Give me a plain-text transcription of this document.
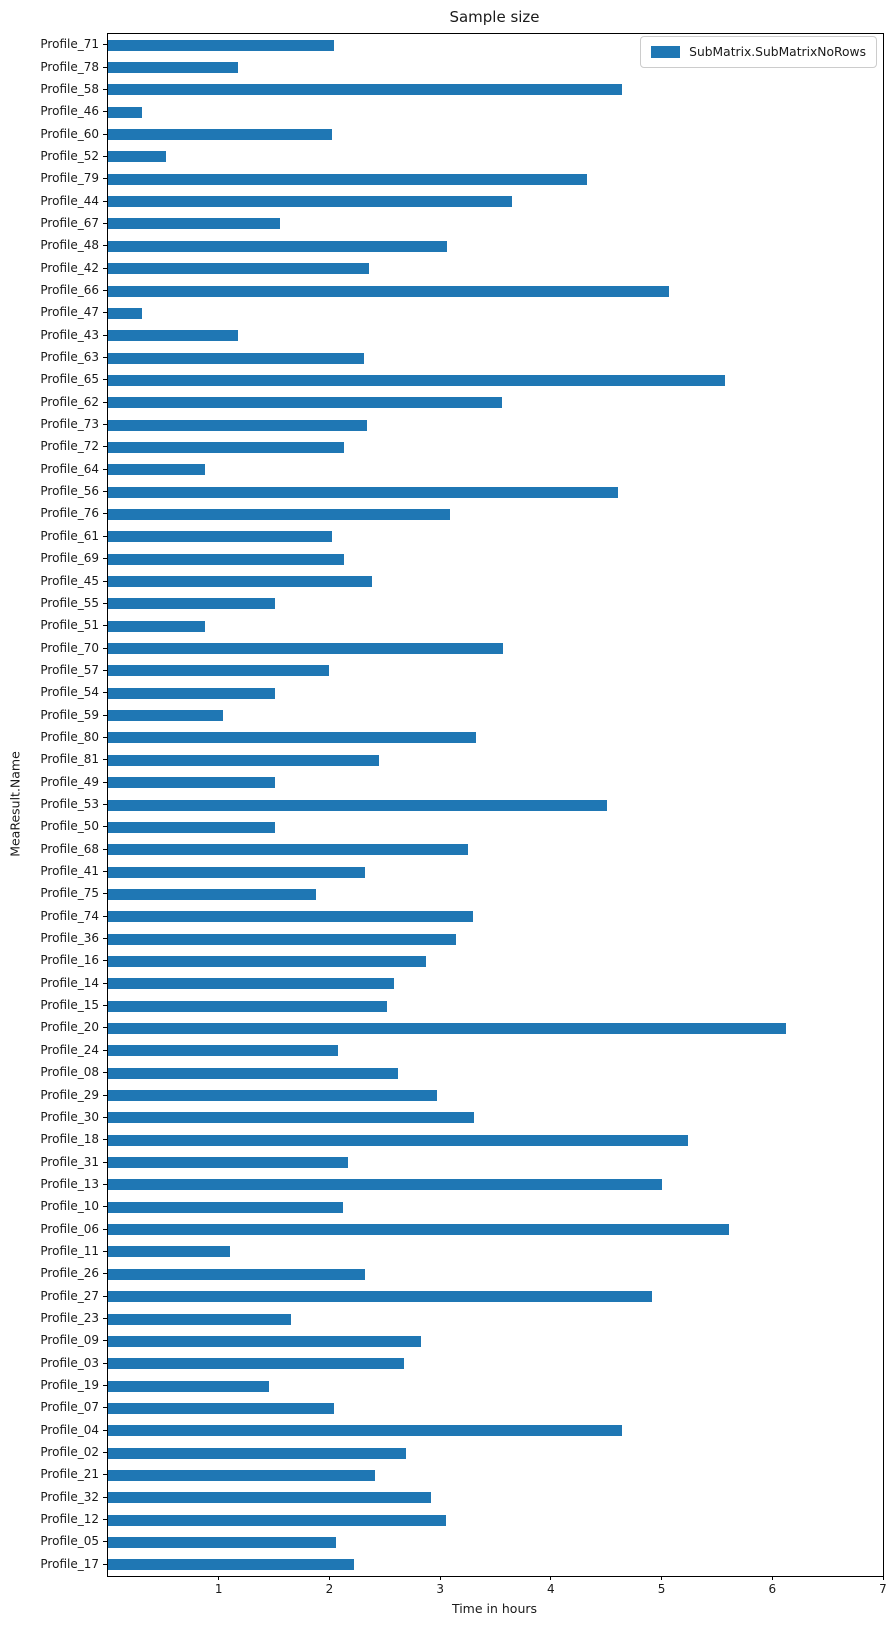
Sample size
SubMatrix.SubMatrixNoRows
Time in hours
MeaResult.Name
Profile_71
Profile_78
Profile_58
Profile_46
Profile_60
Profile_52
Profile_79
Profile_44
Profile_67
Profile_48
Profile_42
Profile_66
Profile_47
Profile_43
Profile_63
Profile_65
Profile_62
Profile_73
Profile_72
Profile_64
Profile_56
Profile_76
Profile_61
Profile_69
Profile_45
Profile_55
Profile_51
Profile_70
Profile_57
Profile_54
Profile_59
Profile_80
Profile_81
Profile_49
Profile_53
Profile_50
Profile_68
Profile_41
Profile_75
Profile_74
Profile_36
Profile_16
Profile_14
Profile_15
Profile_20
Profile_24
Profile_08
Profile_29
Profile_30
Profile_18
Profile_31
Profile_13
Profile_10
Profile_06
Profile_11
Profile_26
Profile_27
Profile_23
Profile_09
Profile_03
Profile_19
Profile_07
Profile_04
Profile_02
Profile_21
Profile_32
Profile_12
Profile_05
Profile_17
1	2	3	4	5	6	7
